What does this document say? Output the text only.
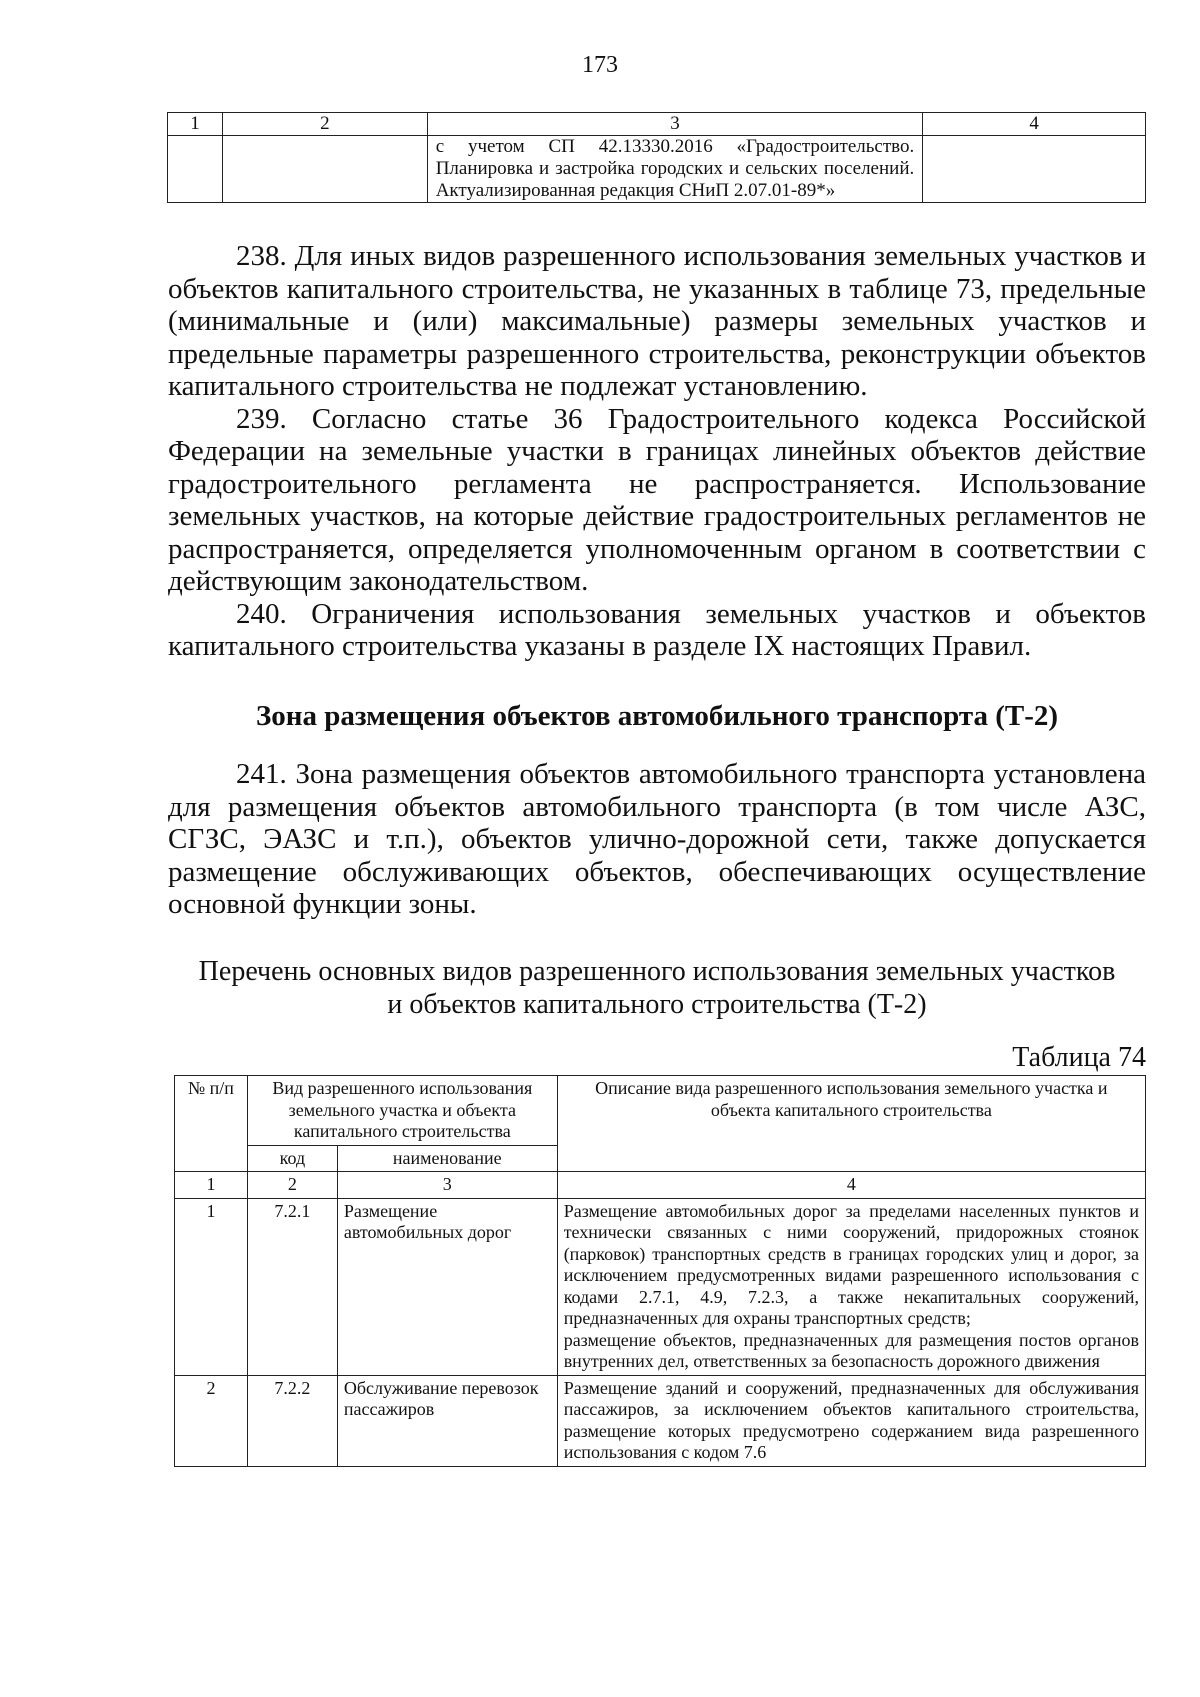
173
1	2	3	4
		с учетом СП 42.13330.2016 «Градостроительство. Планировка и застройка городских и сельских поселений. Актуализированная редакция СНиП 2.07.01-89*»	

238. Для иных видов разрешенного использования земельных участков и объектов капитального строительства, не указанных в таблице 73, предельные (минимальные и (или) максимальные) размеры земельных участков и предельные параметры разрешенного строительства, реконструкции объектов капитального строительства не подлежат установлению.

239. Согласно статье 36 Градостроительного кодекса Российской Федерации на земельные участки в границах линейных объектов действие градостроительного регламента не распространяется. Использование земельных участков, на которые действие градостроительных регламентов не распространяется, определяется уполномоченным органом в соответствии с действующим законодательством.

240. Ограничения использования земельных участков и объектов капитального строительства указаны в разделе IX настоящих Правил.

Зона размещения объектов автомобильного транспорта (Т-2)

241. Зона размещения объектов автомобильного транспорта установлена для размещения объектов автомобильного транспорта (в том числе АЗС, СГЗС, ЭАЗС и т.п.), объектов улично-дорожной сети, также допускается размещение обслуживающих объектов, обеспечивающих осуществление основной функции зоны.

Перечень основных видов разрешенного использования земельных участков
и объектов капитального строительства (Т-2)
Таблица 74
№ п/п	Вид разрешенного использования земельного участка и объекта капитального строительства		Описание вида разрешенного использования земельного участка и объекта капитального строительства
	код	наименование	
1	2	3	4
1	7.2.1	Размещение автомобильных дорог	Размещение автомобильных дорог за пределами населенных пунктов и технически связанных с ними сооружений, придорожных стоянок (парковок) транспортных средств в границах городских улиц и дорог, за исключением предусмотренных видами разрешенного использования с кодами 2.7.1, 4.9, 7.2.3, а также некапитальных сооружений, предназначенных для охраны транспортных средств;
размещение объектов, предназначенных для размещения постов органов внутренних дел, ответственных за безопасность дорожного движения

2	7.2.2	Обслуживание перевозок пассажиров	Размещение зданий и сооружений, предназначенных для обслуживания пассажиров, за исключением объектов капитального строительства, размещение которых предусмотрено содержанием вида разрешенного использования с кодом 7.6
